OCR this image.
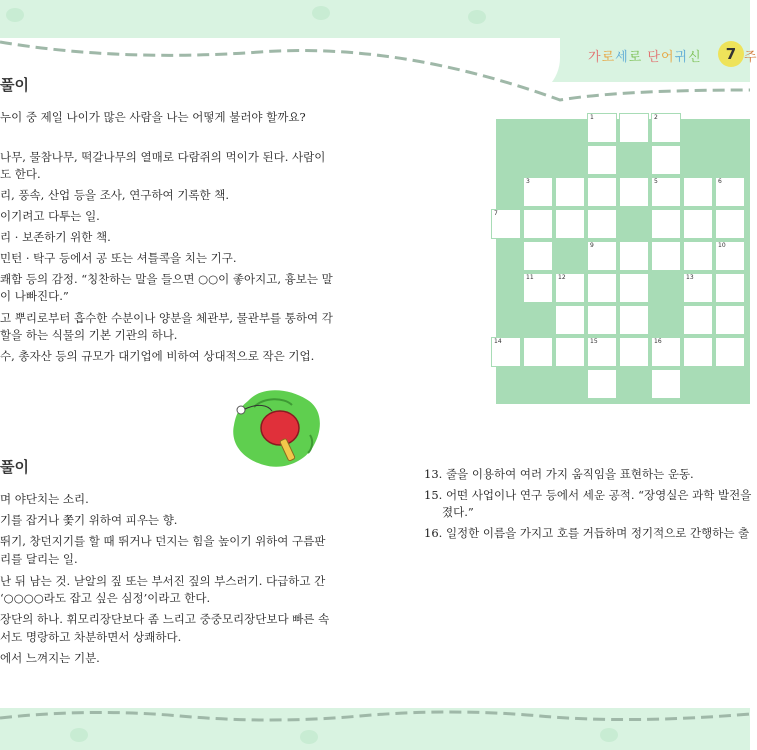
가로세로 단어귀신	7 주
풀이
누이 중 제일 나이가 많은 사람을 나는 어떻게 불러야 할까요?
나무, 물참나무, 떡갈나무의 열매로 다람쥐의 먹이가 된다. 사람이
도 한다.
리, 풍속, 산업 등을 조사, 연구하여 기록한 책.
이기려고 다투는 일.
리 · 보존하기 위한 책.
민턴 · 탁구 등에서 공 또는 셔틀콕을 치는 기구.
쾌함 등의 감정. “칭찬하는 말을 들으면 ○○이 좋아지고, 흉보는 말
이 나빠진다.”
고 뿌리로부터 흡수한 수분이나 양분을 체관부, 물관부를 통하여 각
할을 하는 식물의 기본 기관의 하나.
수, 총자산 등의 규모가 대기업에 비하여 상대적으로 작은 기업.
풀이
며 야단치는 소리.
기를 잡거나 쫓기 위하여 피우는 향.
뛰기, 창던지기를 할 때 뛰거나 던지는 힘을 높이기 위하여 구름판
리를 달리는 일.
난 뒤 남는 것. 낟알의 짚 또는 부서진 짚의 부스러기. 다급하고 간
‘○○○○라도 잡고 싶은 심정’이라고 한다.
장단의 하나. 휘모리장단보다 좀 느리고 중중모리장단보다 빠른 속
서도 명랑하고 차분하면서 상쾌하다.
에서 느껴지는 기분.
1	2
3	5	6
7
9	10
11	12	13
14	15	16
13. 줄을 이용하여 여러 가지 움직임을 표현하는 운동.
15. 어떤 사업이나 연구 등에서 세운 공적. “장영실은 과학 발전을
졌다.”
16. 일정한 이름을 가지고 호를 거듭하며 정기적으로 간행하는 출
